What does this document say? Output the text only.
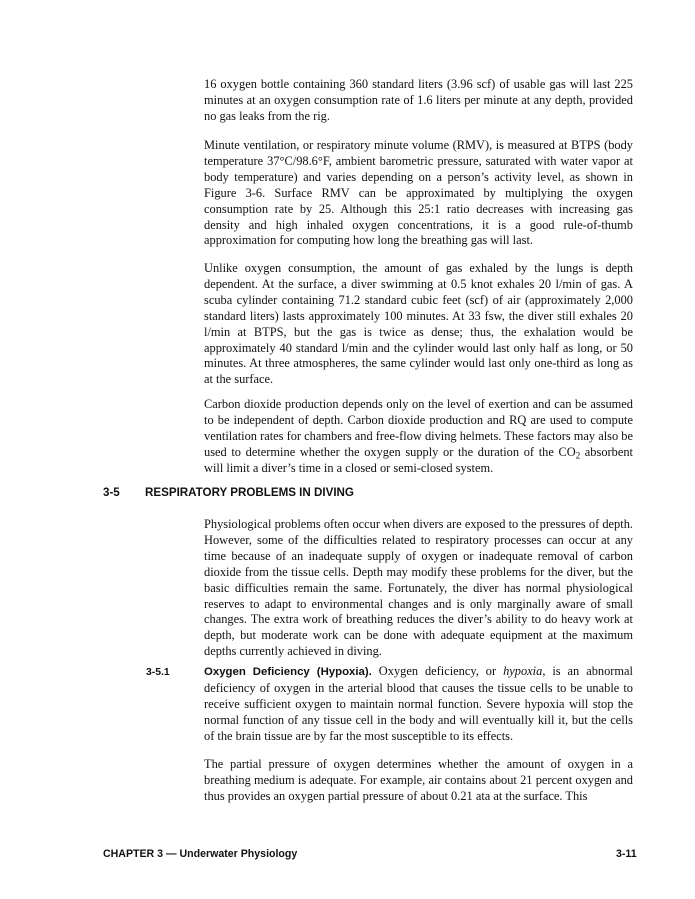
16 oxygen bottle containing 360 standard liters (3.96 scf) of usable gas will last 225 minutes at an oxygen consumption rate of 1.6 liters per minute at any depth, provided no gas leaks from the rig.

Minute ventilation, or respiratory minute volume (RMV), is measured at BTPS (body temperature 37°C/98.6°F, ambient barometric pressure, saturated with water vapor at body temperature) and varies depending on a person’s activity level, as shown in Figure 3-6. Surface RMV can be approximated by multiplying the oxygen consumption rate by 25. Although this 25:1 ratio decreases with increasing gas density and high inhaled oxygen concentrations, it is a good rule-of-thumb approximation for computing how long the breathing gas will last.

Unlike oxygen consumption, the amount of gas exhaled by the lungs is depth dependent. At the surface, a diver swimming at 0.5 knot exhales 20 l/min of gas. A scuba cylinder containing 71.2 standard cubic feet (scf) of air (approximately 2,000 standard liters) lasts approximately 100 minutes. At 33 fsw, the diver still exhales 20 l/min at BTPS, but the gas is twice as dense; thus, the exhalation would be approximately 40 standard l/min and the cylinder would last only half as long, or 50 minutes. At three atmospheres, the same cylinder would last only one-third as long as at the surface.

Carbon dioxide production depends only on the level of exertion and can be assumed to be independent of depth. Carbon dioxide production and RQ are used to compute ventilation rates for chambers and free-flow diving helmets. These factors may also be used to determine whether the oxygen supply or the duration of the $CO_2$ absorbent will limit a diver’s time in a closed or semi-closed system.

3-5 RESPIRATORY PROBLEMS IN DIVING

Physiological problems often occur when divers are exposed to the pressures of depth. However, some of the difficulties related to respiratory processes can occur at any time because of an inadequate supply of oxygen or inadequate removal of carbon dioxide from the tissue cells. Depth may modify these problems for the diver, but the basic difficulties remain the same. Fortunately, the diver has normal physiological reserves to adapt to environmental changes and is only marginally aware of small changes. The extra work of breathing reduces the diver’s ability to do heavy work at depth, but moderate work can be done with adequate equipment at the maximum depths currently achieved in diving.

3-5.1	Oxygen Deficiency (Hypoxia). Oxygen deficiency, or hypoxia, is an abnormal deficiency of oxygen in the arterial blood that causes the tissue cells to be unable to receive sufficient oxygen to maintain normal function. Severe hypoxia will stop the normal function of any tissue cell in the body and will eventually kill it, but the cells of the brain tissue are by far the most susceptible to its effects.

The partial pressure of oxygen determines whether the amount of oxygen in a breathing medium is adequate. For example, air contains about 21 percent oxygen and thus provides an oxygen partial pressure of about 0.21 ata at the surface. This

CHAPTER 3 — Underwater Physiology	3-11
